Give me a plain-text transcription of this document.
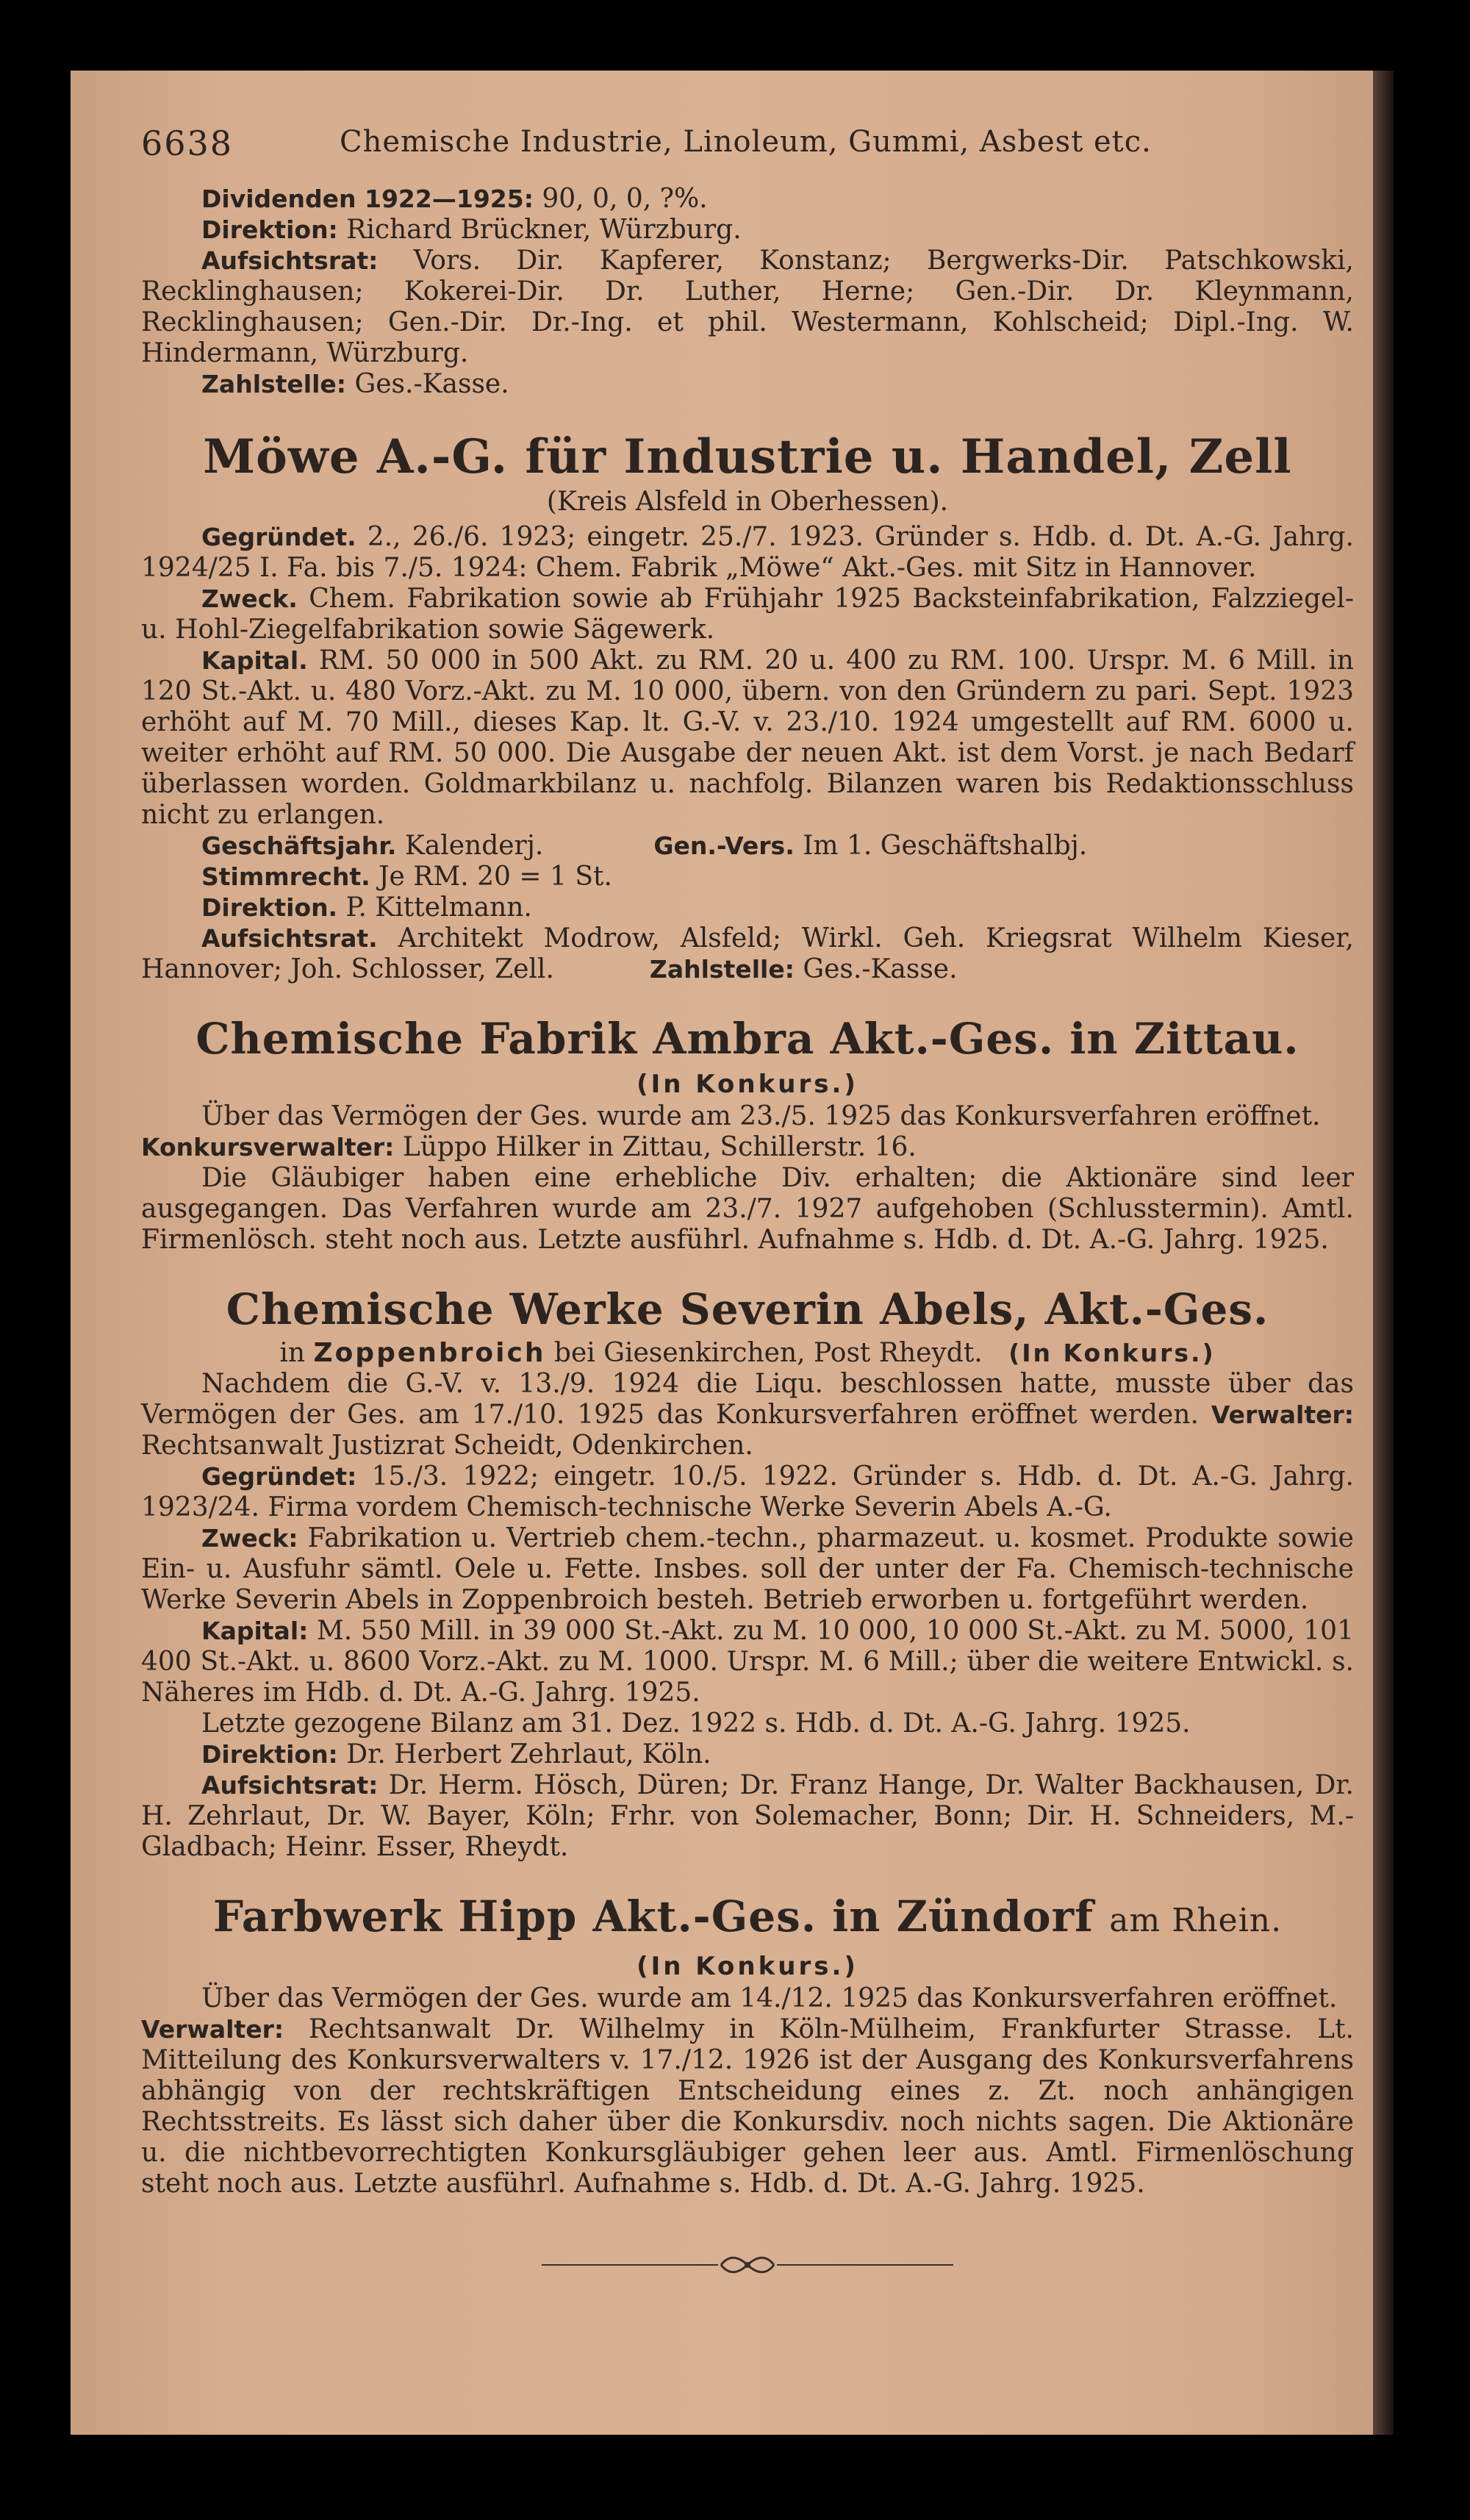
6638	Chemische Industrie, Linoleum, Gummi, Asbest etc.

Dividenden 1922—1925: 90, 0, 0, ?%.

Direktion: Richard Brückner, Würzburg.

Aufsichtsrat: Vors. Dir. Kapferer, Konstanz; Bergwerks-Dir. Patschkowski, Recklinghausen; Kokerei-Dir. Dr. Luther, Herne; Gen.-Dir. Dr. Kleynmann, Recklinghausen; Gen.-Dir. Dr.-Ing. et phil. Westermann, Kohlscheid; Dipl.-Ing. W. Hindermann, Würzburg.

Zahlstelle: Ges.-Kasse.

Möwe A.-G. für Industrie u. Handel, Zell

(Kreis Alsfeld in Oberhessen).

Gegründet. 2., 26./6. 1923; eingetr. 25./7. 1923. Gründer s. Hdb. d. Dt. A.-G. Jahrg. 1924/25 I. Fa. bis 7./5. 1924: Chem. Fabrik „Möwe“ Akt.-Ges. mit Sitz in Hannover.

Zweck. Chem. Fabrikation sowie ab Frühjahr 1925 Backsteinfabrikation, Falzziegel- u. Hohl-Ziegelfabrikation sowie Sägewerk.

Kapital. RM. 50 000 in 500 Akt. zu RM. 20 u. 400 zu RM. 100. Urspr. M. 6 Mill. in 120 St.-Akt. u. 480 Vorz.-Akt. zu M. 10 000, übern. von den Gründern zu pari. Sept. 1923 erhöht auf M. 70 Mill., dieses Kap. lt. G.-V. v. 23./10. 1924 umgestellt auf RM. 6000 u. weiter erhöht auf RM. 50 000. Die Ausgabe der neuen Akt. ist dem Vorst. je nach Bedarf überlassen worden. Goldmarkbilanz u. nachfolg. Bilanzen waren bis Redaktionsschluss nicht zu erlangen.

Geschäftsjahr. Kalenderj.	Gen.-Vers. Im 1. Geschäftshalbj.

Stimmrecht. Je RM. 20 = 1 St.

Direktion. P. Kittelmann.

Aufsichtsrat. Architekt Modrow, Alsfeld; Wirkl. Geh. Kriegsrat Wilhelm Kieser, Hannover; Joh. Schlosser, Zell.	Zahlstelle: Ges.-Kasse.

Chemische Fabrik Ambra Akt.-Ges. in Zittau.

(In Konkurs.)

Über das Vermögen der Ges. wurde am 23./5. 1925 das Konkursverfahren eröffnet.

Konkursverwalter: Lüppo Hilker in Zittau, Schillerstr. 16.

Die Gläubiger haben eine erhebliche Div. erhalten; die Aktionäre sind leer ausgegangen. Das Verfahren wurde am 23./7. 1927 aufgehoben (Schlusstermin). Amtl. Firmenlösch. steht noch aus. Letzte ausführl. Aufnahme s. Hdb. d. Dt. A.-G. Jahrg. 1925.

Chemische Werke Severin Abels, Akt.-Ges.

in Zoppenbroich bei Giesenkirchen, Post Rheydt. (In Konkurs.)

Nachdem die G.-V. v. 13./9. 1924 die Liqu. beschlossen hatte, musste über das Vermögen der Ges. am 17./10. 1925 das Konkursverfahren eröffnet werden. Verwalter: Rechtsanwalt Justizrat Scheidt, Odenkirchen.

Gegründet: 15./3. 1922; eingetr. 10./5. 1922. Gründer s. Hdb. d. Dt. A.-G. Jahrg. 1923/24. Firma vordem Chemisch-technische Werke Severin Abels A.-G.

Zweck: Fabrikation u. Vertrieb chem.-techn., pharmazeut. u. kosmet. Produkte sowie Ein- u. Ausfuhr sämtl. Oele u. Fette. Insbes. soll der unter der Fa. Chemisch-technische Werke Severin Abels in Zoppenbroich besteh. Betrieb erworben u. fortgeführt werden.

Kapital: M. 550 Mill. in 39 000 St.-Akt. zu M. 10 000, 10 000 St.-Akt. zu M. 5000, 101 400 St.-Akt. u. 8600 Vorz.-Akt. zu M. 1000. Urspr. M. 6 Mill.; über die weitere Entwickl. s. Näheres im Hdb. d. Dt. A.-G. Jahrg. 1925.

Letzte gezogene Bilanz am 31. Dez. 1922 s. Hdb. d. Dt. A.-G. Jahrg. 1925.

Direktion: Dr. Herbert Zehrlaut, Köln.

Aufsichtsrat: Dr. Herm. Hösch, Düren; Dr. Franz Hange, Dr. Walter Backhausen, Dr. H. Zehrlaut, Dr. W. Bayer, Köln; Frhr. von Solemacher, Bonn; Dir. H. Schneiders, M.-Gladbach; Heinr. Esser, Rheydt.

Farbwerk Hipp Akt.-Ges. in Zündorf am Rhein.

(In Konkurs.)

Über das Vermögen der Ges. wurde am 14./12. 1925 das Konkursverfahren eröffnet.

Verwalter: Rechtsanwalt Dr. Wilhelmy in Köln-Mülheim, Frankfurter Strasse. Lt. Mitteilung des Konkursverwalters v. 17./12. 1926 ist der Ausgang des Konkursverfahrens abhängig von der rechtskräftigen Entscheidung eines z. Zt. noch anhängigen Rechtsstreits. Es lässt sich daher über die Konkursdiv. noch nichts sagen. Die Aktionäre u. die nichtbevorrechtigten Konkursgläubiger gehen leer aus. Amtl. Firmenlöschung steht noch aus. Letzte ausführl. Aufnahme s. Hdb. d. Dt. A.-G. Jahrg. 1925.
